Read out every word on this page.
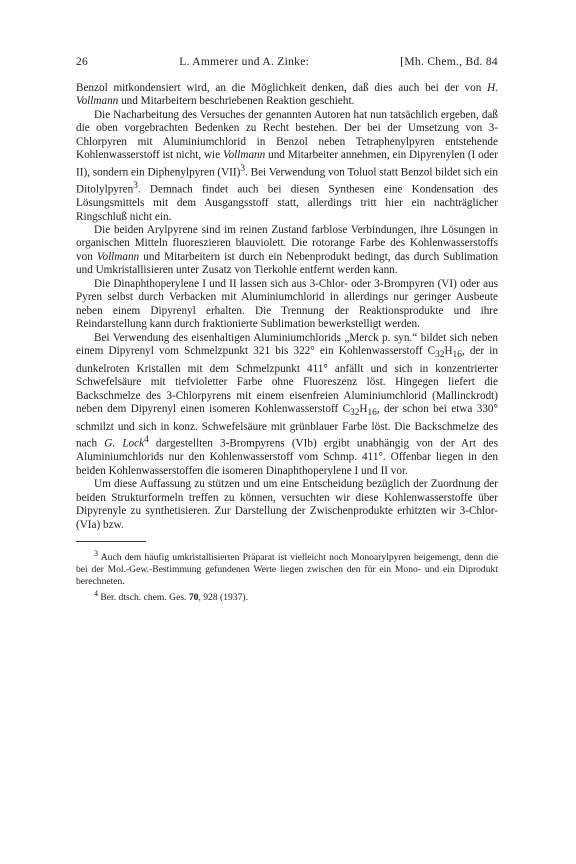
26	L. Ammerer und A. Zinke:	[Mh. Chem., Bd. 84

Benzol mitkondensiert wird, an die Möglichkeit denken, daß dies auch bei der von H. Vollmann und Mitarbeitern beschriebenen Reaktion geschieht.

Die Nacharbeitung des Versuches der genannten Autoren hat nun tatsächlich ergeben, daß die oben vorgebrachten Bedenken zu Recht bestehen. Der bei der Umsetzung von 3-Chlorpyren mit Aluminiumchlorid in Benzol neben Tetraphenylpyren entstehende Kohlenwasserstoff ist nicht, wie Vollmann und Mitarbeiter annehmen, ein Dipyrenylen (I oder II), sondern ein Diphenylpyren (VII)$^3$. Bei Verwendung von Toluol statt Benzol bildet sich ein Ditolylpyren$^3$. Demnach findet auch bei diesen Synthesen eine Kondensation des Lösungsmittels mit dem Ausgangsstoff statt, allerdings tritt hier ein nachträglicher Ringschluß nicht ein.

Die beiden Arylpyrene sind im reinen Zustand farblose Verbindungen, ihre Lösungen in organischen Mitteln fluoreszieren blauviolett. Die rotorange Farbe des Kohlenwasserstoffs von Vollmann und Mitarbeitern ist durch ein Nebenprodukt bedingt, das durch Sublimation und Umkristallisieren unter Zusatz von Tierkohle entfernt werden kann.

Die Dinaphthoperylene I und II lassen sich aus 3-Chlor- oder 3-Brompyren (VI) oder aus Pyren selbst durch Verbacken mit Aluminiumchlorid in allerdings nur geringer Ausbeute neben einem Dipyrenyl erhalten. Die Trennung der Reaktionsprodukte und ihre Reindarstellung kann durch fraktionierte Sublimation bewerkstelligt werden.

Bei Verwendung des eisenhaltigen Aluminiumchlorids „Merck p. syn.“ bildet sich neben einem Dipyrenyl vom Schmelzpunkt 321 bis 322° ein Kohlenwasserstoff $C_{32}H_{16}$, der in dunkelroten Kristallen mit dem Schmelzpunkt 411° anfällt und sich in konzentrierter Schwefelsäure mit tiefvioletter Farbe ohne Fluoreszenz löst. Hingegen liefert die Backschmelze des 3-Chlorpyrens mit einem eisenfreien Aluminiumchlorid (Mallinckrodt) neben dem Dipyrenyl einen isomeren Kohlenwasserstoff $C_{32}H_{16}$, der schon bei etwa 330° schmilzt und sich in konz. Schwefelsäure mit grünblauer Farbe löst. Die Backschmelze des nach G. Lock$^4$ dargestellten 3-Brompyrens (VIb) ergibt unabhängig von der Art des Aluminiumchlorids nur den Kohlenwasserstoff vom Schmp. 411°. Offenbar liegen in den beiden Kohlenwasserstoffen die isomeren Dinaphthoperylene I und II vor.

Um diese Auffassung zu stützen und um eine Entscheidung bezüglich der Zuordnung der beiden Strukturformeln treffen zu können, versuchten wir diese Kohlenwasserstoffe über Dipyrenyle zu synthetisieren. Zur Darstellung der Zwischenprodukte erhitzten wir 3-Chlor- (VIa) bzw.

$^3$ Auch dem häufig umkristallisierten Präparat ist vielleicht noch Monoarylpyren beigemengt, denn die bei der Mol.-Gew.-Bestimmung gefundenen Werte liegen zwischen den für ein Mono- und ein Diprodukt berechneten.

$^4$ Ber. dtsch. chem. Ges. 70, 928 (1937).
